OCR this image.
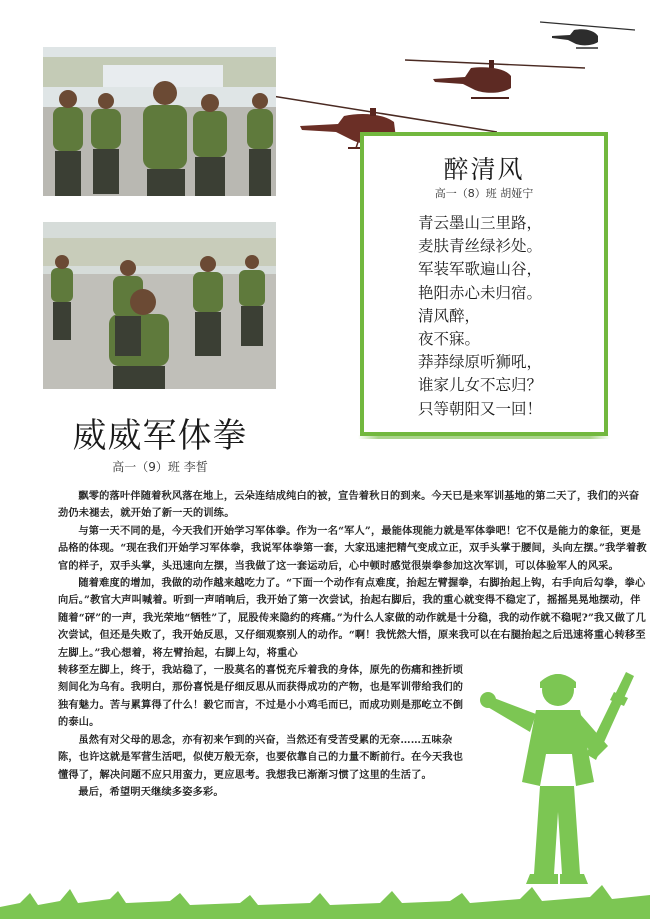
醉清风
高一（8）班 胡娅宁
青云墨山三里路，
麦肤青丝绿衫处。
军装军歌遍山谷，
艳阳赤心未归宿。
清风醉，
夜不寐。
莽莽绿原听狮吼，
谁家儿女不忘归？
只等朝阳又一回！
威威军体拳
高一（9）班 李皙

飘零的落叶伴随着秋风落在地上，云朵连结成纯白的被，宣告着秋日的到来。今天已是来军训基地的第二天了，我们的兴奋劲仍未褪去，就开始了新一天的训练。

与第一天不同的是，今天我们开始学习军体拳。作为一名“军人”，最能体现能力就是军体拳吧！它不仅是能力的象征，更是品格的体现。“现在我们开始学习军体拳，我说军体拳第一套，大家迅速把精气变成立正，双手头掌于腰间，头向左摆。”我学着教官的样子，双手头掌，头迅速向左摆，当我做了这一套运动后，心中顿时感觉很崇拳参加这次军训，可以体验军人的风采。

随着难度的增加，我做的动作越来越吃力了。“下面一个动作有点难度，抬起左臂握拳，右脚抬起上钩，右手向后勾拳，拳心向后。”教官大声叫喊着。听到一声哨响后，我开始了第一次尝试，抬起右脚后，我的重心就变得不稳定了，摇摇晃晃地摆动，伴随着“砰”的一声，我光荣地“牺牲”了，屁股传来隐约的疼痛。”为什么人家做的动作就是十分稳，我的动作就不稳呢?”我又做了几次尝试，但还是失败了，我开始反思，又仔细观察别人的动作。“啊！我恍然大悟，原来我可以在右腿抬起之后迅速将重心转移至左脚上。”我心想着，将左臂抬起，右脚上勾，将重心

转移至左脚上，终于，我站稳了，一股莫名的喜悦充斥着我的身体，原先的伤痛和挫折顷刻间化为乌有。我明白，那份喜悦是仔细反思从而获得成功的产物，也是军训带给我们的独有魅力。苦与累算得了什么！毅它而言，不过是小小鸡毛而已，而成功则是那屹立不倒的泰山。

虽然有对父母的思念，亦有初来乍到的兴奋，当然还有受苦受累的无奈……五味杂陈，也许这就是军营生活吧，似使万般无奈，也要依靠自己的力量不断前行。在今天我也懂得了，解决问题不应只用蛮力，更应思考。我想我已渐渐习惯了这里的生活了。

最后，希望明天继续多姿多彩。
